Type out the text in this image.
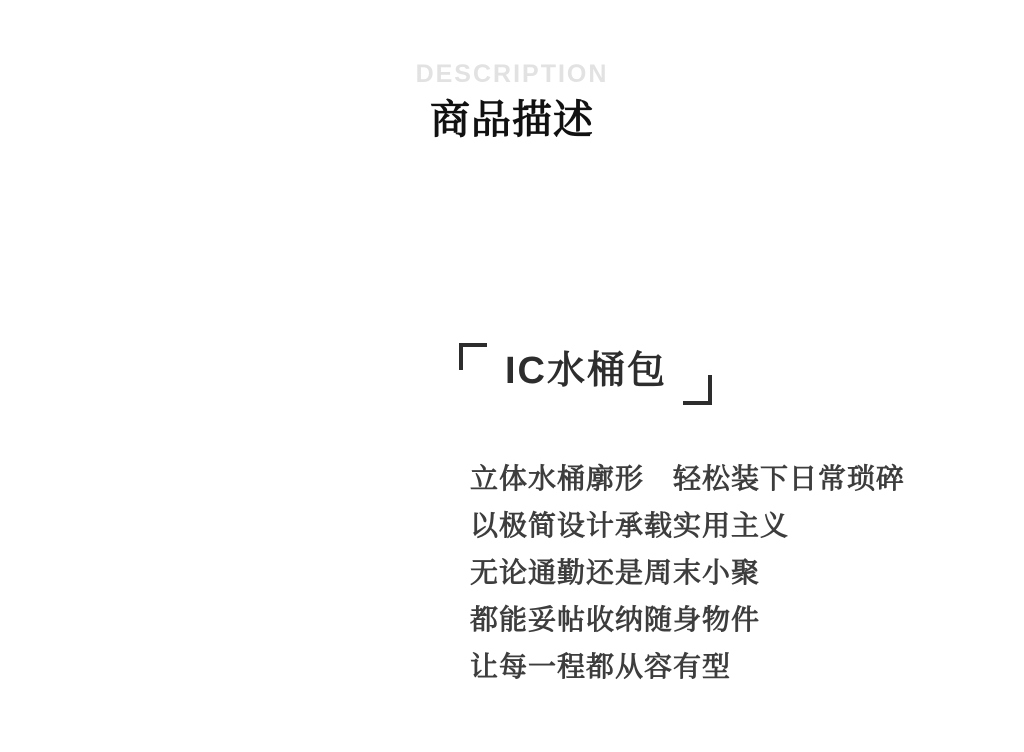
DESCRIPTION
商品描述
IC水桶包

立体水桶廓形　轻松装下日常琐碎

以极简设计承载实用主义

无论通勤还是周末小聚

都能妥帖收纳随身物件

让每一程都从容有型
